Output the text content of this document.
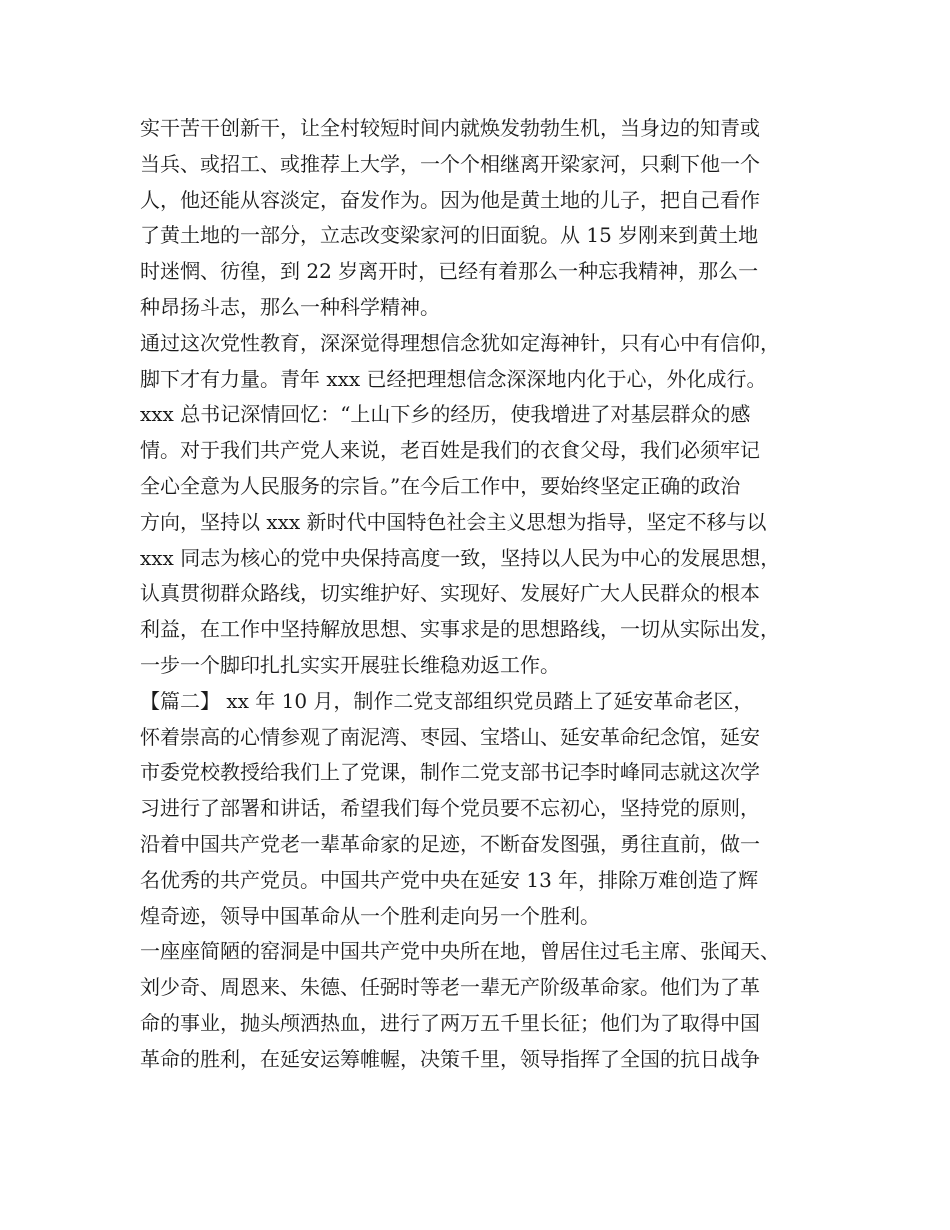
实干苦干创新干，让全村较短时间内就焕发勃勃生机，当身边的知青或
当兵、或招工、或推荐上大学，一个个相继离开梁家河，只剩下他一个
人，他还能从容淡定，奋发作为。因为他是黄土地的儿子，把自己看作
了黄土地的一部分，立志改变梁家河的旧面貌。从 15 岁刚来到黄土地
时迷惘、彷徨，到 22 岁离开时，已经有着那么一种忘我精神，那么一
种昂扬斗志，那么一种科学精神。
通过这次党性教育，深深觉得理想信念犹如定海神针，只有心中有信仰，
脚下才有力量。青年 xxx 已经把理想信念深深地内化于心，外化成行。
xxx 总书记深情回忆：“上山下乡的经历，使我增进了对基层群众的感
情。对于我们共产党人来说，老百姓是我们的衣食父母，我们必须牢记
全心全意为人民服务的宗旨。”在今后工作中，要始终坚定正确的政治
方向，坚持以 xxx 新时代中国特色社会主义思想为指导，坚定不移与以
xxx 同志为核心的党中央保持高度一致，坚持以人民为中心的发展思想，
认真贯彻群众路线，切实维护好、实现好、发展好广大人民群众的根本
利益，在工作中坚持解放思想、实事求是的思想路线，一切从实际出发，
一步一个脚印扎扎实实开展驻长维稳劝返工作。
【篇二】 xx 年 10 月，制作二党支部组织党员踏上了延安革命老区，
怀着崇高的心情参观了南泥湾、枣园、宝塔山、延安革命纪念馆，延安
市委党校教授给我们上了党课，制作二党支部书记李时峰同志就这次学
习进行了部署和讲话，希望我们每个党员要不忘初心，坚持党的原则，
沿着中国共产党老一辈革命家的足迹，不断奋发图强，勇往直前，做一
名优秀的共产党员。中国共产党中央在延安 13 年，排除万难创造了辉
煌奇迹，领导中国革命从一个胜利走向另一个胜利。
一座座简陋的窑洞是中国共产党中央所在地，曾居住过毛主席、张闻天、
刘少奇、周恩来、朱德、任弼时等老一辈无产阶级革命家。他们为了革
命的事业，抛头颅洒热血，进行了两万五千里长征；他们为了取得中国
革命的胜利，在延安运筹帷幄，决策千里，领导指挥了全国的抗日战争
